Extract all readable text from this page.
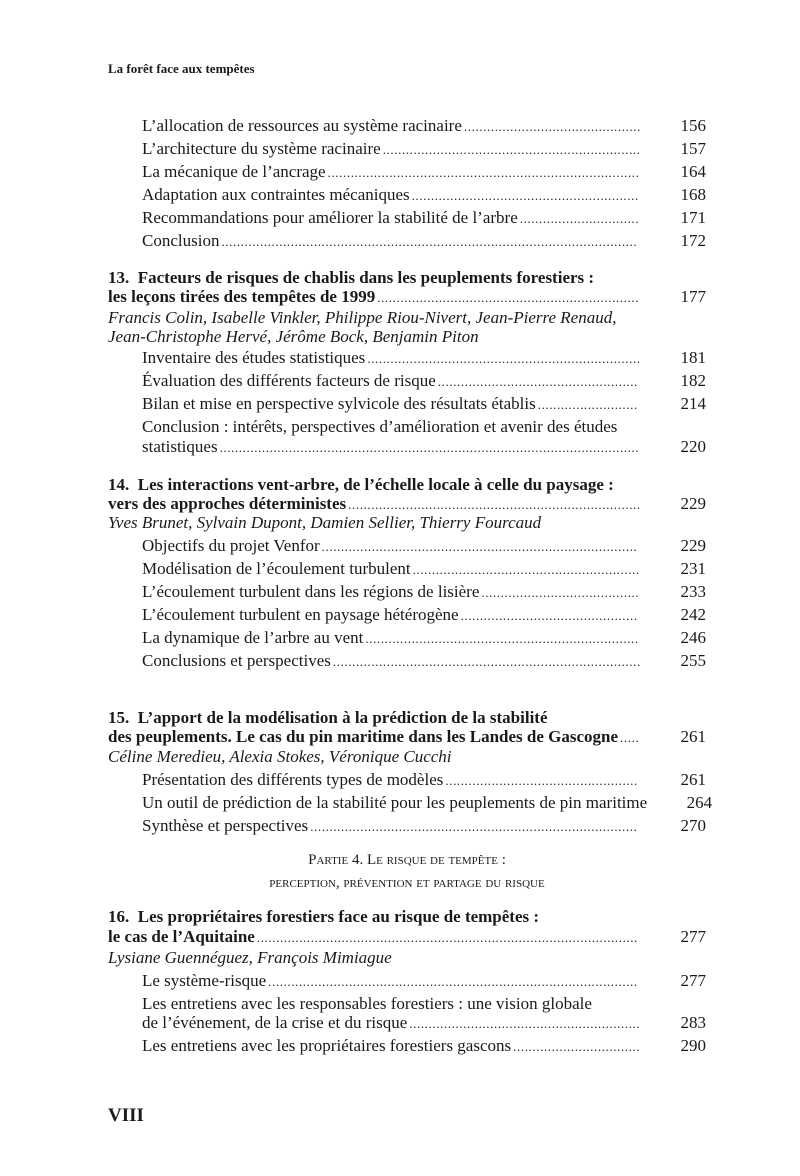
La forêt face aux tempêtes
L’allocation de ressources au système racinaire ..............................................	156
L’architecture du système racinaire ...................................................................	157
La mécanique de l’ancrage .................................................................................	164
Adaptation aux contraintes mécaniques ...........................................................	168
Recommandations pour améliorer la stabilité de l’arbre ...............................	171
Conclusion ............................................................................................................	172
13. Facteurs de risques de chablis dans les peuplements forestiers :
les leçons tirées des tempêtes de 1999 ....................................................................	177
Francis Colin, Isabelle Vinkler, Philippe Riou-Nivert, Jean-Pierre Renaud,
Jean-Christophe Hervé, Jérôme Bock, Benjamin Piton
Inventaire des études statistiques .......................................................................	181
Évaluation des différents facteurs de risque ....................................................	182
Bilan et mise en perspective sylvicole des résultats établis ..........................	214
Conclusion : intérêts, perspectives d’amélioration et avenir des études
statistiques .............................................................................................................	220
14. Les interactions vent-arbre, de l’échelle locale à celle du paysage :
vers des approches déterministes ............................................................................	229
Yves Brunet, Sylvain Dupont, Damien Sellier, Thierry Fourcaud
Objectifs du projet Venfor ..................................................................................	229
Modélisation de l’écoulement turbulent ...........................................................	231
L’écoulement turbulent dans les régions de lisière .........................................	233
L’écoulement turbulent en paysage hétérogène ..............................................	242
La dynamique de l’arbre au vent .......................................................................	246
Conclusions et perspectives ................................................................................	255
15. L’apport de la modélisation à la prédiction de la stabilité
des peuplements. Le cas du pin maritime dans les Landes de Gascogne .....	261
Céline Meredieu, Alexia Stokes, Véronique Cucchi
Présentation des différents types de modèles ..................................................	261
Un outil de prédiction de la stabilité pour les peuplements de pin maritime	264
Synthèse et perspectives .....................................................................................	270
Partie 4. Le risque de tempête :
perception, prévention et partage du risque
16. Les propriétaires forestiers face au risque de tempêtes :
le cas de l’Aquitaine ...................................................................................................	277
Lysiane Guennéguez, François Mimiague
Le système-risque ................................................................................................	277
Les entretiens avec les responsables forestiers : une vision globale
de l’événement, de la crise et du risque ............................................................	283
Les entretiens avec les propriétaires forestiers gascons .................................	290
VIII
